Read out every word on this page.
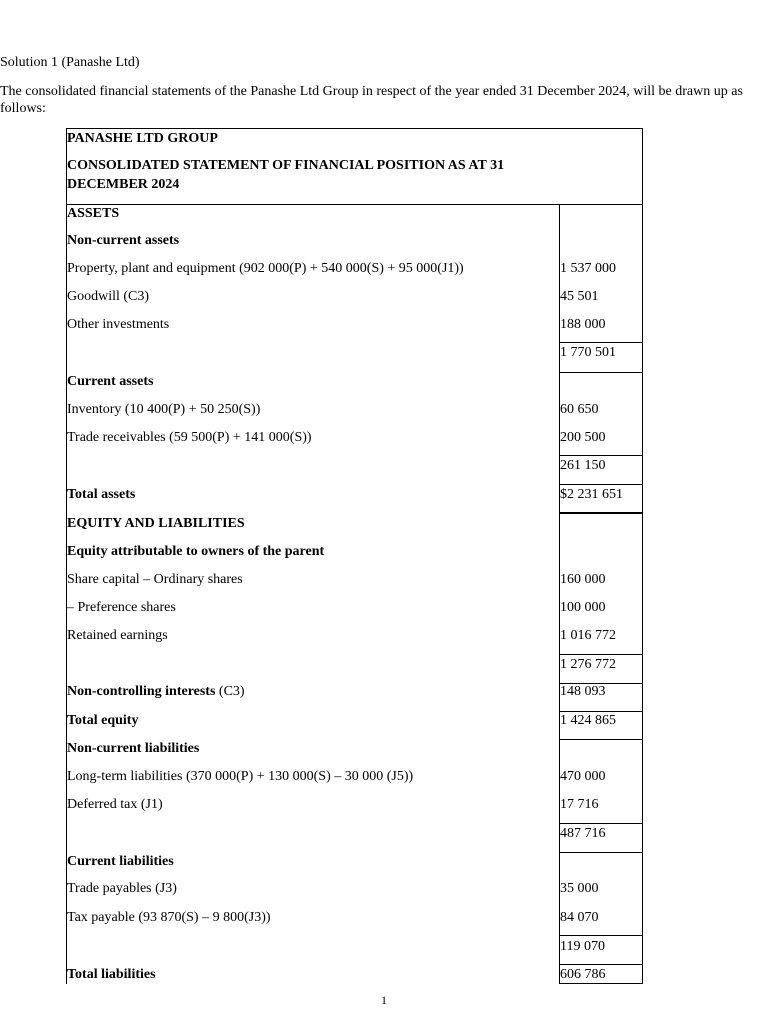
Solution 1 (Panashe Ltd)
The consolidated financial statements of the Panashe Ltd Group in respect of the year ended 31 December 2024, will be drawn up as follows:
PANASHE LTD GROUP
CONSOLIDATED STATEMENT OF FINANCIAL POSITION AS AT 31
DECEMBER 2024
ASSETS
Non-current assets
Property, plant and equipment (902 000(P) + 540 000(S) + 95 000(J1))	1 537 000
Goodwill (C3)	45 501
Other investments	188 000
1 770 501
Current assets
Inventory (10 400(P) + 50 250(S))	60 650
Trade receivables (59 500(P) + 141 000(S))	200 500
261 150
Total assets	$2 231 651
EQUITY AND LIABILITIES
Equity attributable to owners of the parent
Share capital – Ordinary shares	160 000
– Preference shares	100 000
Retained earnings	1 016 772
1 276 772
Non-controlling interests (C3)	148 093
Total equity	1 424 865
Non-current liabilities
Long-term liabilities (370 000(P) + 130 000(S) – 30 000 (J5))	470 000
Deferred tax (J1)	17 716
487 716
Current liabilities
Trade payables (J3)	35 000
Tax payable (93 870(S) – 9 800(J3))	84 070
119 070
Total liabilities	606 786
1
